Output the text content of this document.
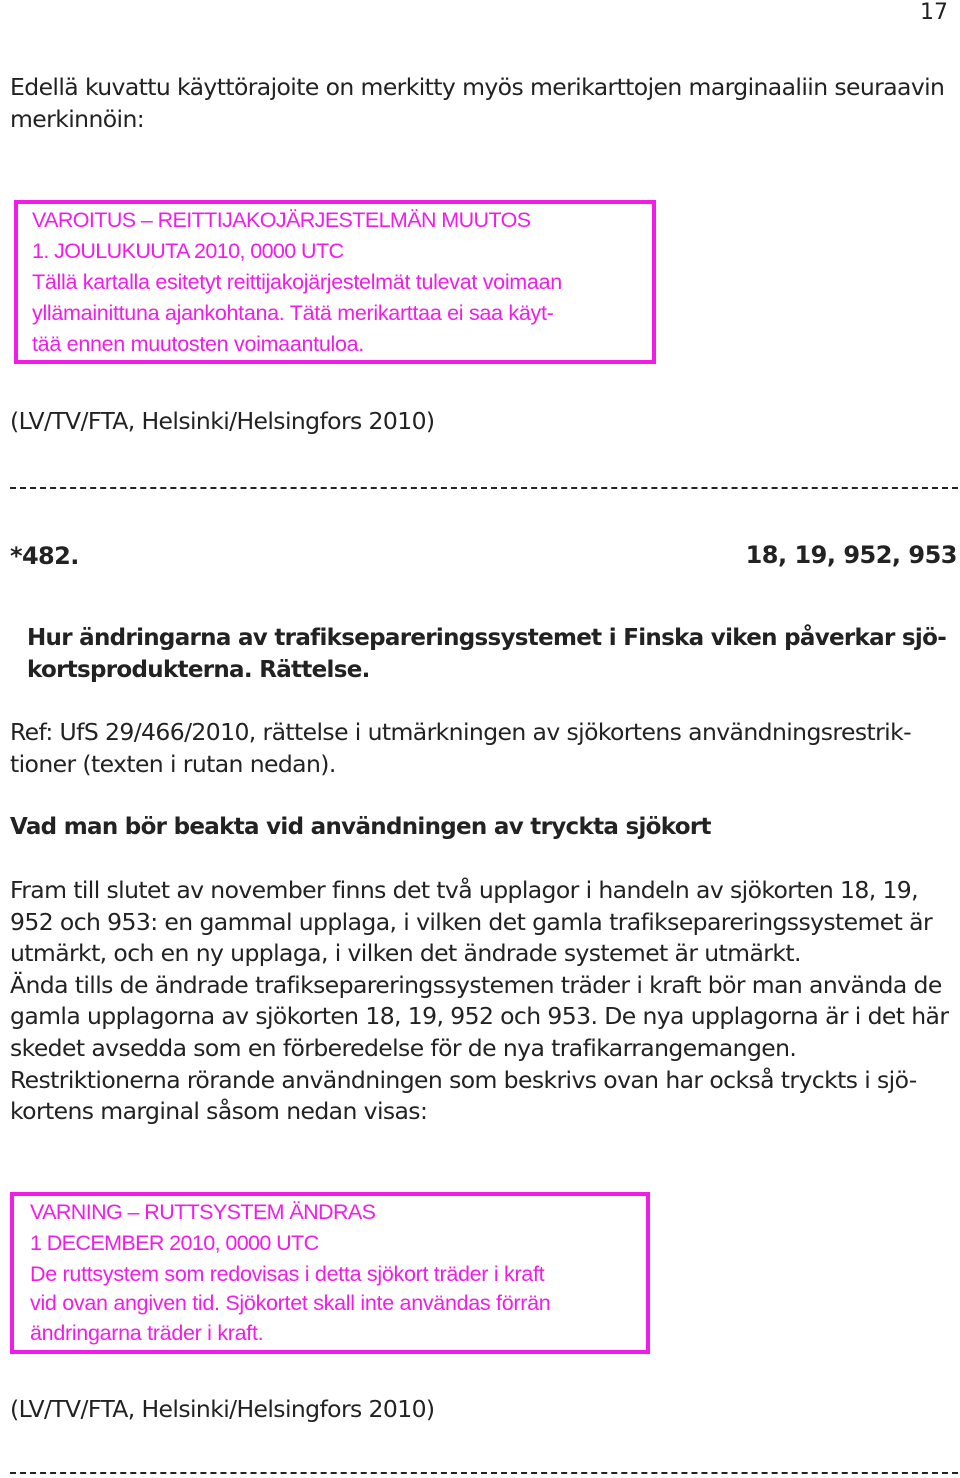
17
Edellä kuvattu käyttörajoite on merkitty myös merikarttojen marginaaliin seuraavin
merkinnöin:
VAROITUS – REITTIJAKOJÄRJESTELMÄN MUUTOS
1. JOULUKUUTA 2010, 0000 UTC
Tällä kartalla esitetyt reittijakojärjestelmät tulevat voimaan
yllämainittuna ajankohtana. Tätä merikarttaa ei saa käyt-
tää ennen muutosten voimaantuloa.
(LV/TV/FTA, Helsinki/Helsingfors 2010)
*482.	18, 19, 952, 953
Hur ändringarna av trafiksepareringssystemet i Finska viken påverkar sjö-
kortsprodukterna. Rättelse.
Ref: UfS 29/466/2010, rättelse i utmärkningen av sjökortens användningsrestrik-
tioner (texten i rutan nedan).
Vad man bör beakta vid användningen av tryckta sjökort
Fram till slutet av november finns det två upplagor i handeln av sjökorten 18, 19,
952 och 953: en gammal upplaga, i vilken det gamla trafiksepareringssystemet är
utmärkt, och en ny upplaga, i vilken det ändrade systemet är utmärkt.
Ända tills de ändrade trafiksepareringssystemen träder i kraft bör man använda de
gamla upplagorna av sjökorten 18, 19, 952 och 953. De nya upplagorna är i det här
skedet avsedda som en förberedelse för de nya trafikarrangemangen.
Restriktionerna rörande användningen som beskrivs ovan har också tryckts i sjö-
kortens marginal såsom nedan visas:
VARNING – RUTTSYSTEM ÄNDRAS
1 DECEMBER 2010, 0000 UTC
De ruttsystem som redovisas i detta sjökort träder i kraft
vid ovan angiven tid. Sjökortet skall inte användas förrän
ändringarna träder i kraft.
(LV/TV/FTA, Helsinki/Helsingfors 2010)
